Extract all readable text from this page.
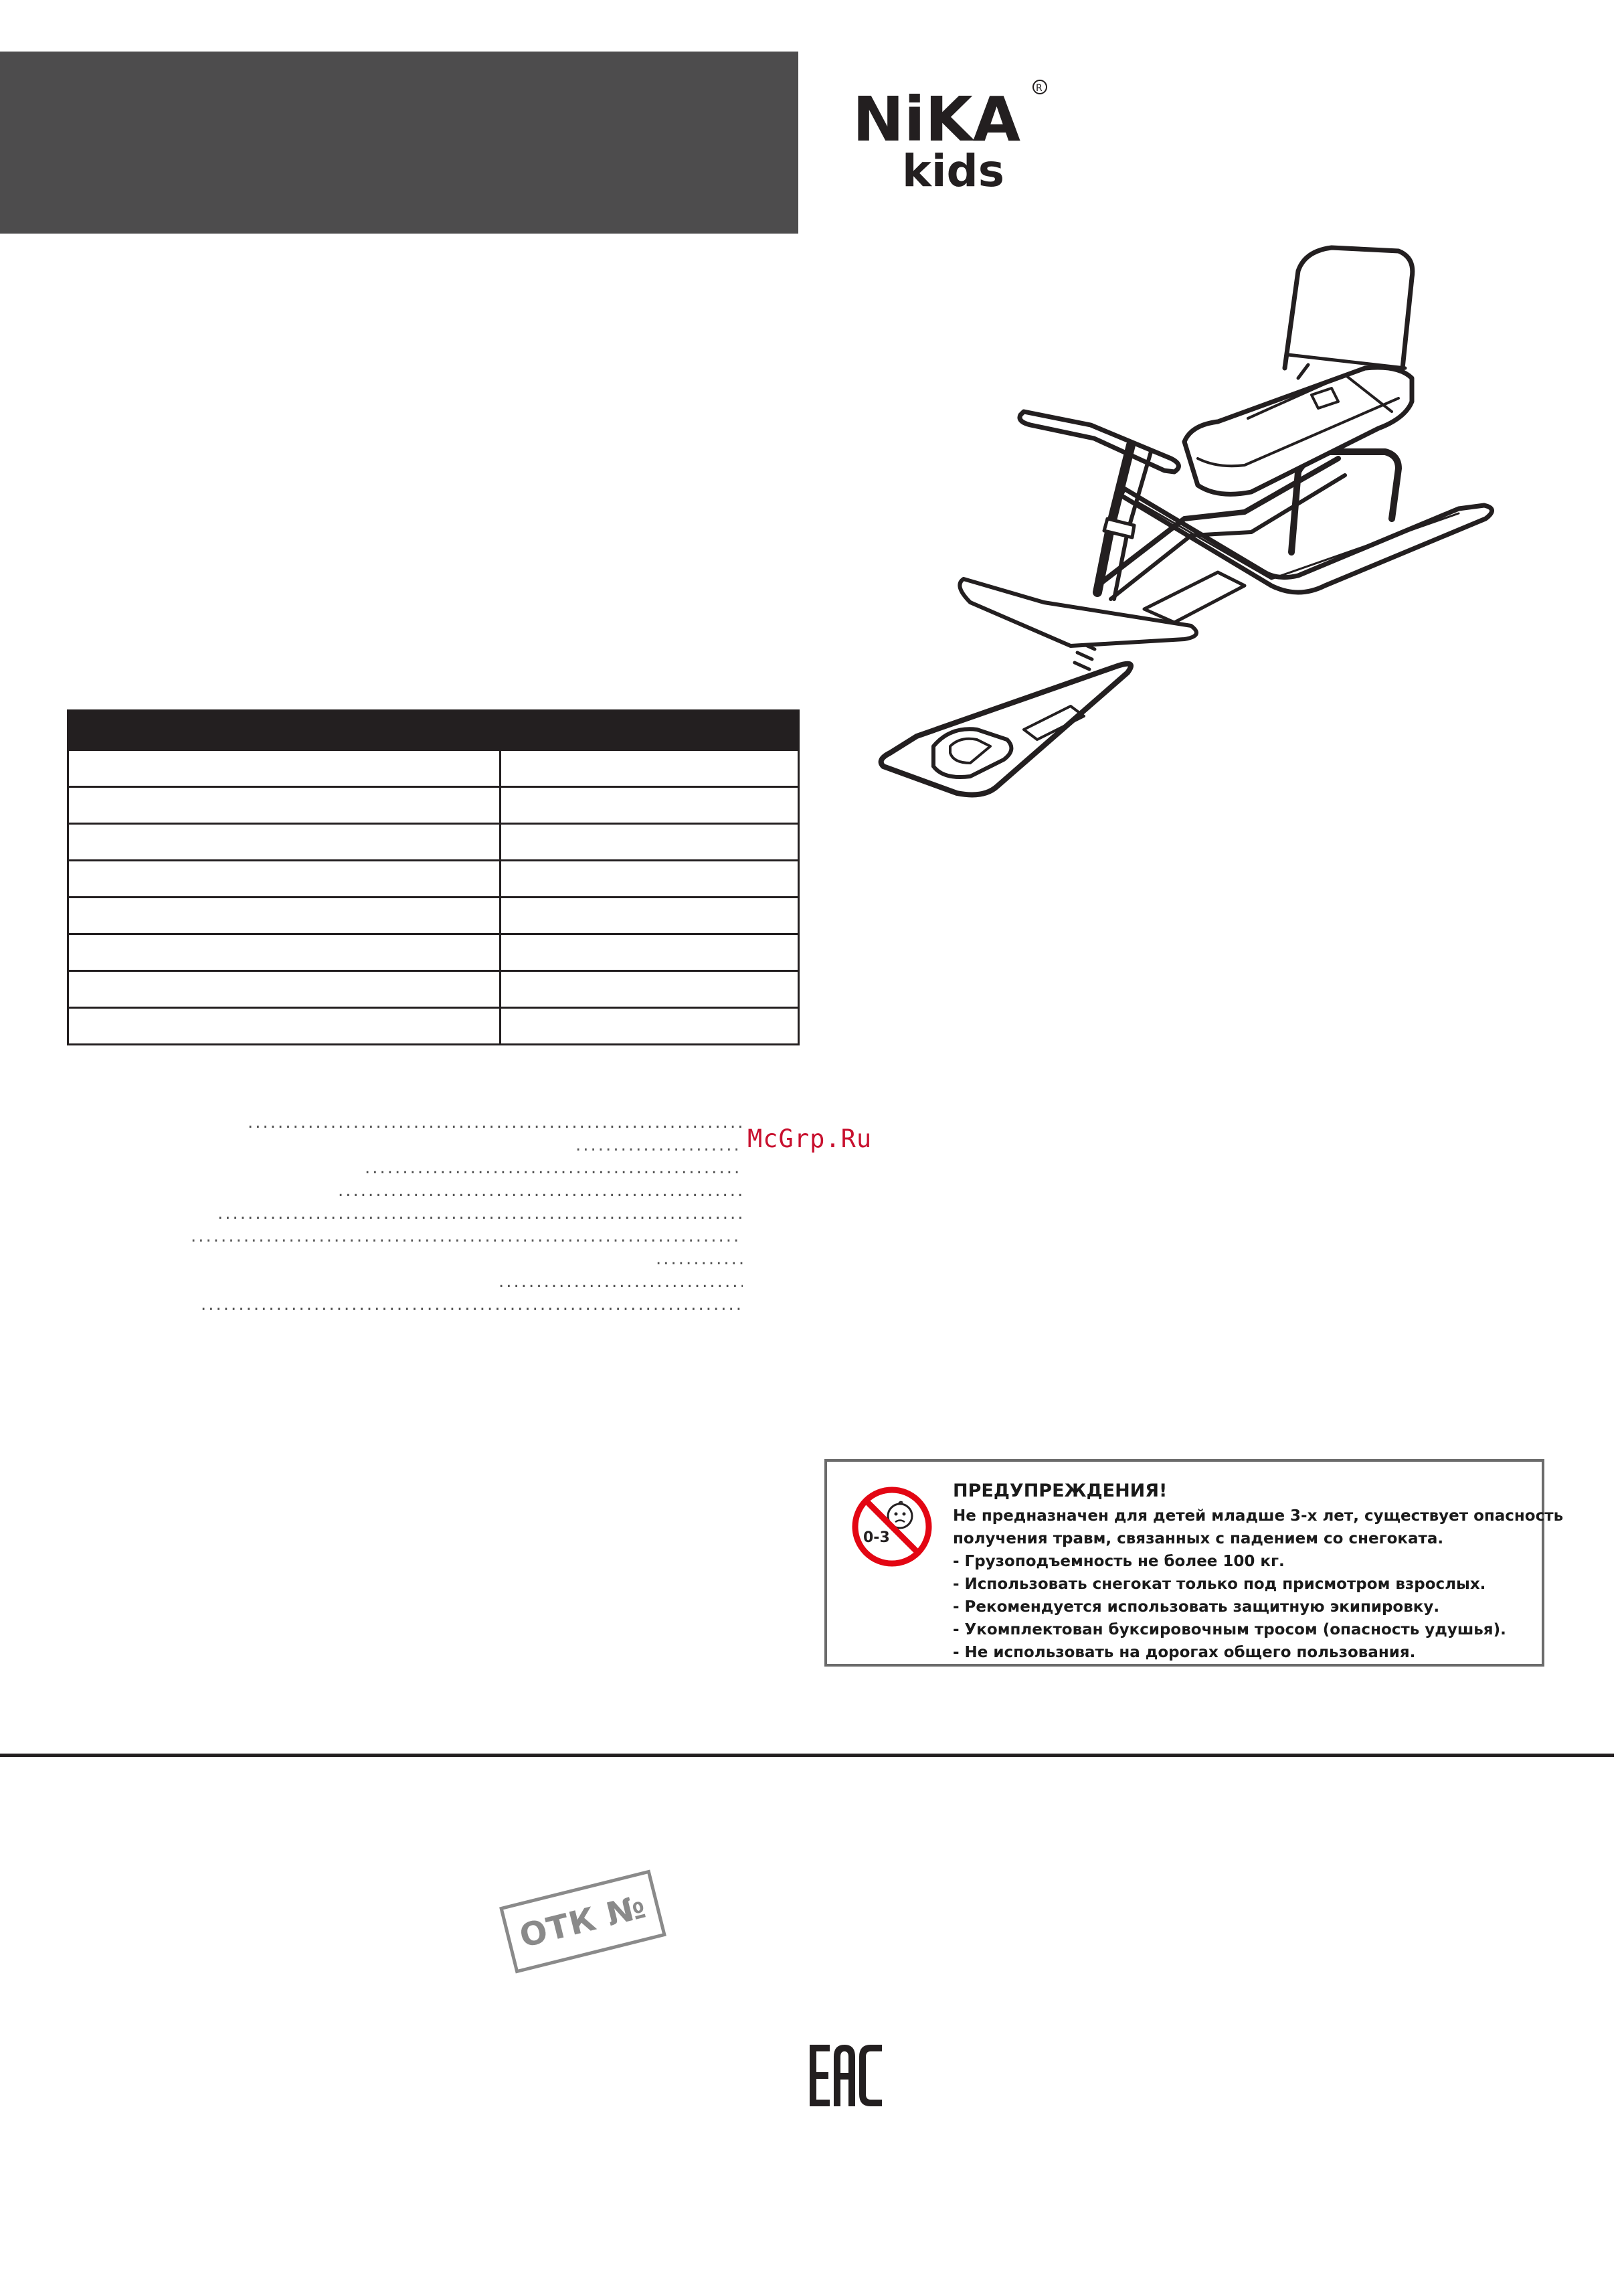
NiKA
kids
R

.....
.....
.....
.....
.....
.....
.....
.....
.....
McGrp.Ru
0-3
ПРЕДУПРЕЖДЕНИЯ!
Не предназначен для детей младше 3-х лет, существует опасность
получения травм, связанных с падением со снегоката.
- Грузоподъемность не более 100 кг.
- Использовать снегокат только под присмотром взрослых.
- Рекомендуется использовать защитную экипировку.
- Укомплектован буксировочным тросом (опасность удушья).
- Не использовать на дорогах общего пользования.
ОТК №
